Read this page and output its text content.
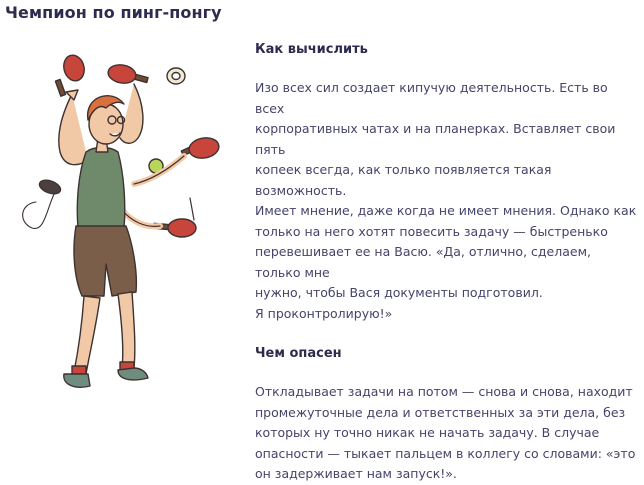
Чемпион по пинг-понгу
Как вычислить

Изо всех сил создает кипучую деятельность. Есть во всех
корпоративных чатах и на планерках. Вставляет свои пять
копеек всегда, как только появляется такая возможность.
Имеет мнение, даже когда не имеет мнения. Однако как
только на него хотят повесить задачу — быстренько
перевешивает ее на Васю. «Да, отлично, сделаем, только мне
нужно, чтобы Вася документы подготовил.
Я проконтролирую!»

Чем опасен

Откладывает задачи на потом — снова и снова, находит
промежуточные дела и ответственных за эти дела, без
которых ну точно никак не начать задачу. В случае
опасности — тыкает пальцем в коллегу со словами: «это
он задерживает нам запуск!».
